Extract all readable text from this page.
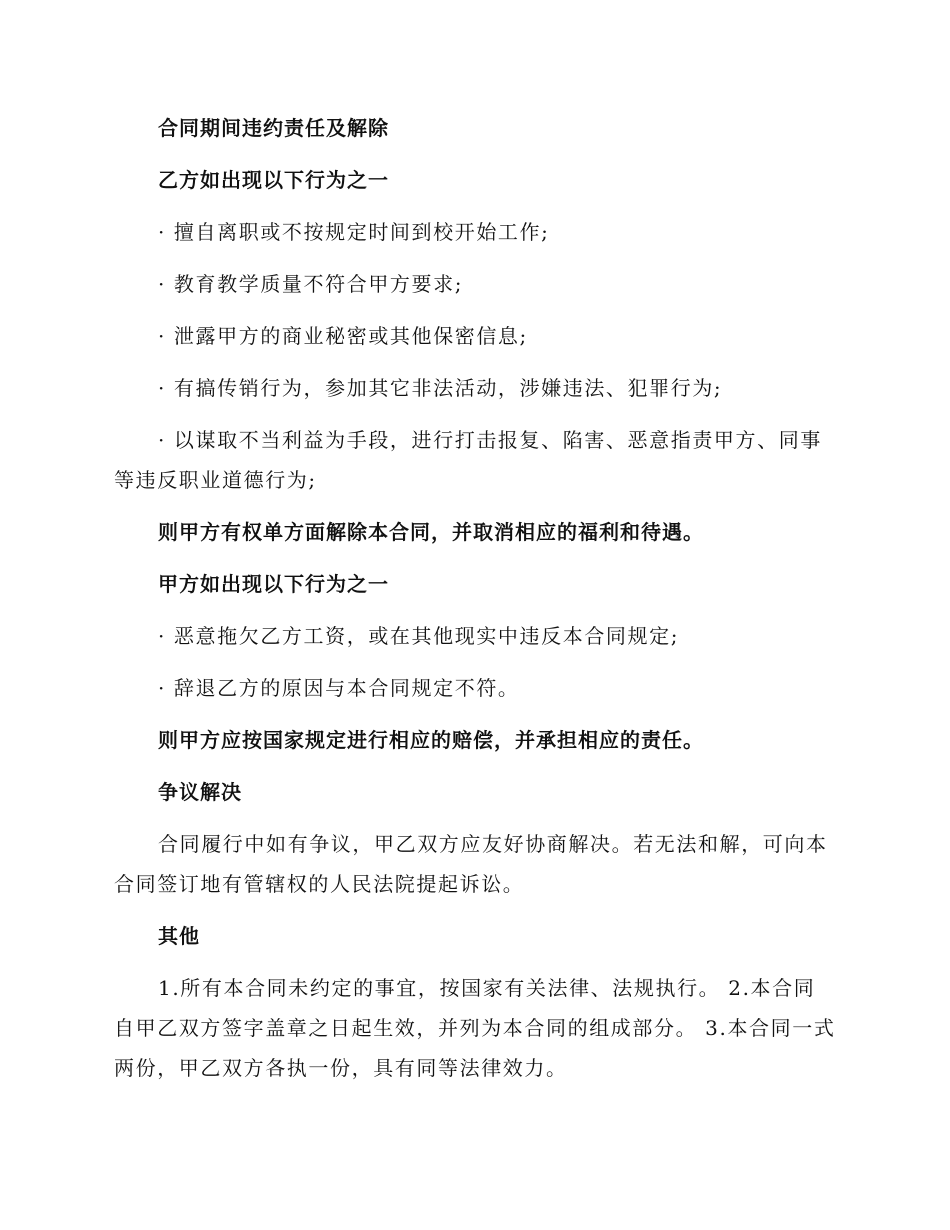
合同期间违约责任及解除

乙方如出现以下行为之一

· 擅自离职或不按规定时间到校开始工作;

· 教育教学质量不符合甲方要求;

· 泄露甲方的商业秘密或其他保密信息;

· 有搞传销行为，参加其它非法活动，涉嫌违法、犯罪行为;

· 以谋取不当利益为手段，进行打击报复、陷害、恶意指责甲方、同事等违反职业道德行为;

则甲方有权单方面解除本合同，并取消相应的福利和待遇。

甲方如出现以下行为之一

· 恶意拖欠乙方工资，或在其他现实中违反本合同规定;

· 辞退乙方的原因与本合同规定不符。

则甲方应按国家规定进行相应的赔偿，并承担相应的责任。

争议解决

合同履行中如有争议，甲乙双方应友好协商解决。若无法和解，可向本合同签订地有管辖权的人民法院提起诉讼。

其他

1.所有本合同未约定的事宜，按国家有关法律、法规执行。 2.本合同自甲乙双方签字盖章之日起生效，并列为本合同的组成部分。 3.本合同一式两份，甲乙双方各执一份，具有同等法律效力。
